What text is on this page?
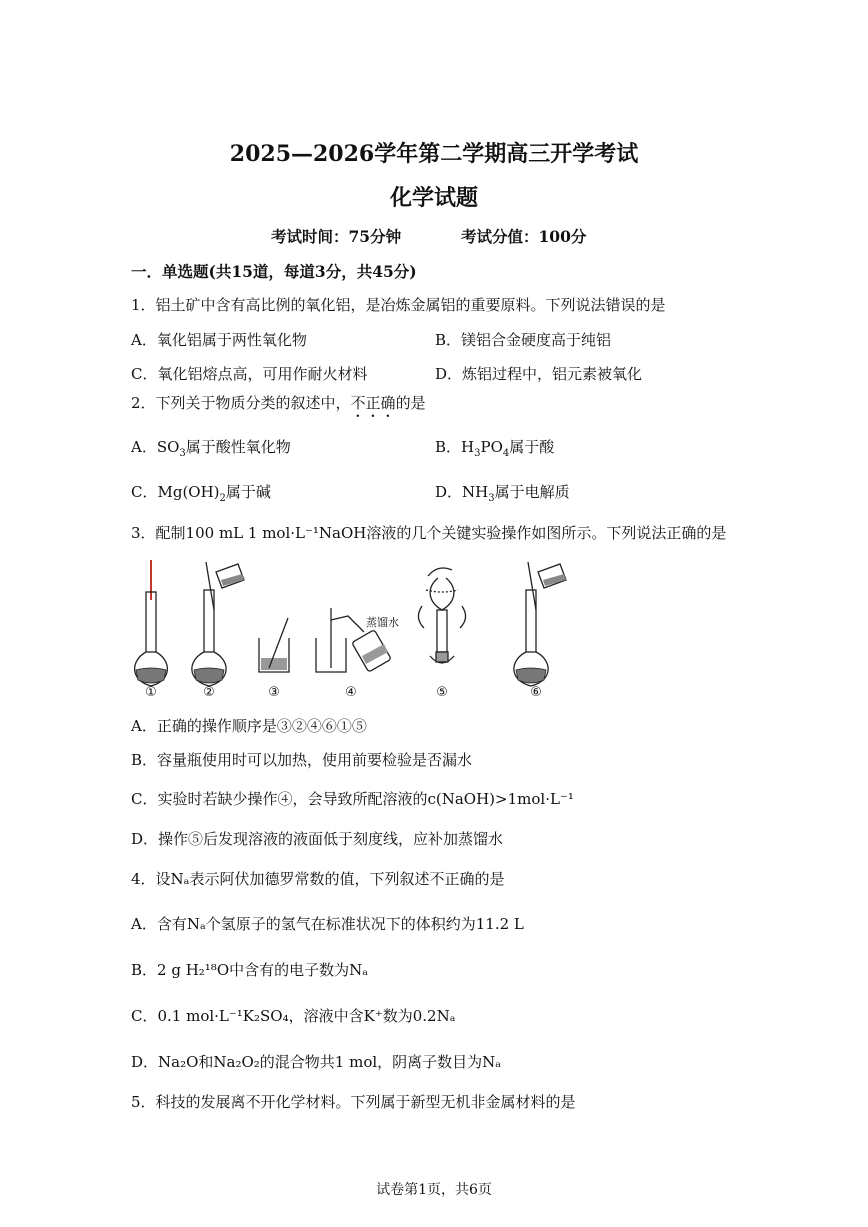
2025—2026学年第二学期高三开学考试
化学试题
考试时间：75分钟	考试分值：100分
一．单选题(共15道，每道3分，共45分)
1．铝土矿中含有高比例的氧化铝，是冶炼金属铝的重要原料。下列说法错误的是
A．氧化铝属于两性氧化物	B．镁铝合金硬度高于纯铝
C．氧化铝熔点高，可用作耐火材料	D．炼铝过程中，铝元素被氧化
2．下列关于物质分类的叙述中，不正确的是
A．$SO_3$属于酸性氧化物	B．$H_3PO_4$属于酸
C．$Mg(OH)_2$属于碱	D．$NH_3$属于电解质
3．配制100 mL 1 mol·L⁻¹NaOH溶液的几个关键实验操作如图所示。下列说法正确的是
蒸馏水
①	②	③	④	⑤	⑥
A．正确的操作顺序是③②④⑥①⑤
B．容量瓶使用时可以加热，使用前要检验是否漏水
C．实验时若缺少操作④，会导致所配溶液的c(NaOH)>1mol·L⁻¹
D．操作⑤后发现溶液的液面低于刻度线，应补加蒸馏水
4．设Nₐ表示阿伏加德罗常数的值，下列叙述不正确的是
A．含有Nₐ个氢原子的氢气在标准状况下的体积约为11.2 L
B．2 g H₂¹⁸O中含有的电子数为Nₐ
C．0.1 mol·L⁻¹K₂SO₄，溶液中含K⁺数为0.2Nₐ
D．Na₂O和Na₂O₂的混合物共1 mol，阴离子数目为Nₐ
5．科技的发展离不开化学材料。下列属于新型无机非金属材料的是
试卷第1页，共6页
